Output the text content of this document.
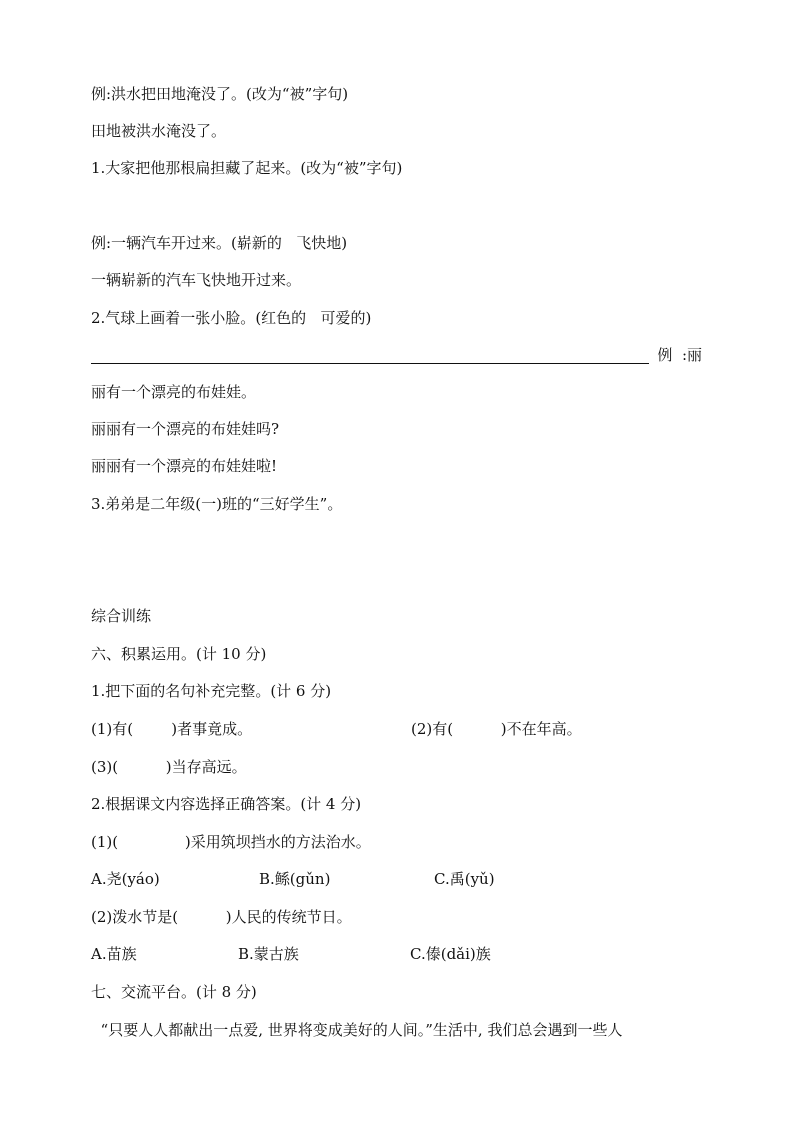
例:洪水把田地淹没了。(改为“被”字句)
田地被洪水淹没了。
1.大家把他那根扁担藏了起来。(改为“被”字句)
例:一辆汽车开过来。(崭新的   飞快地)
一辆崭新的汽车飞快地开过来。
2.气球上画着一张小脸。(红色的   可爱的)
例  :丽
丽有一个漂亮的布娃娃。
丽丽有一个漂亮的布娃娃吗?
丽丽有一个漂亮的布娃娃啦!
3.弟弟是二年级(一)班的“三好学生”。
综合训练
六、积累运用。(计 10 分)
1.把下面的名句补充完整。(计 6 分)
(1)有(        )者事竟成。	(2)有(          )不在年高。
(3)(          )当存高远。
2.根据课文内容选择正确答案。(计 4 分)
(1)(              )采用筑坝挡水的方法治水。
A.尧(yáo)	B.鲧(gǔn)	C.禹(yǔ)
(2)泼水节是(          )人民的传统节日。
A.苗族	B.蒙古族	C.傣(dǎi)族
七、交流平台。(计 8 分)
“只要人人都献出一点爱, 世界将变成美好的人间。”生活中, 我们总会遇到一些人
